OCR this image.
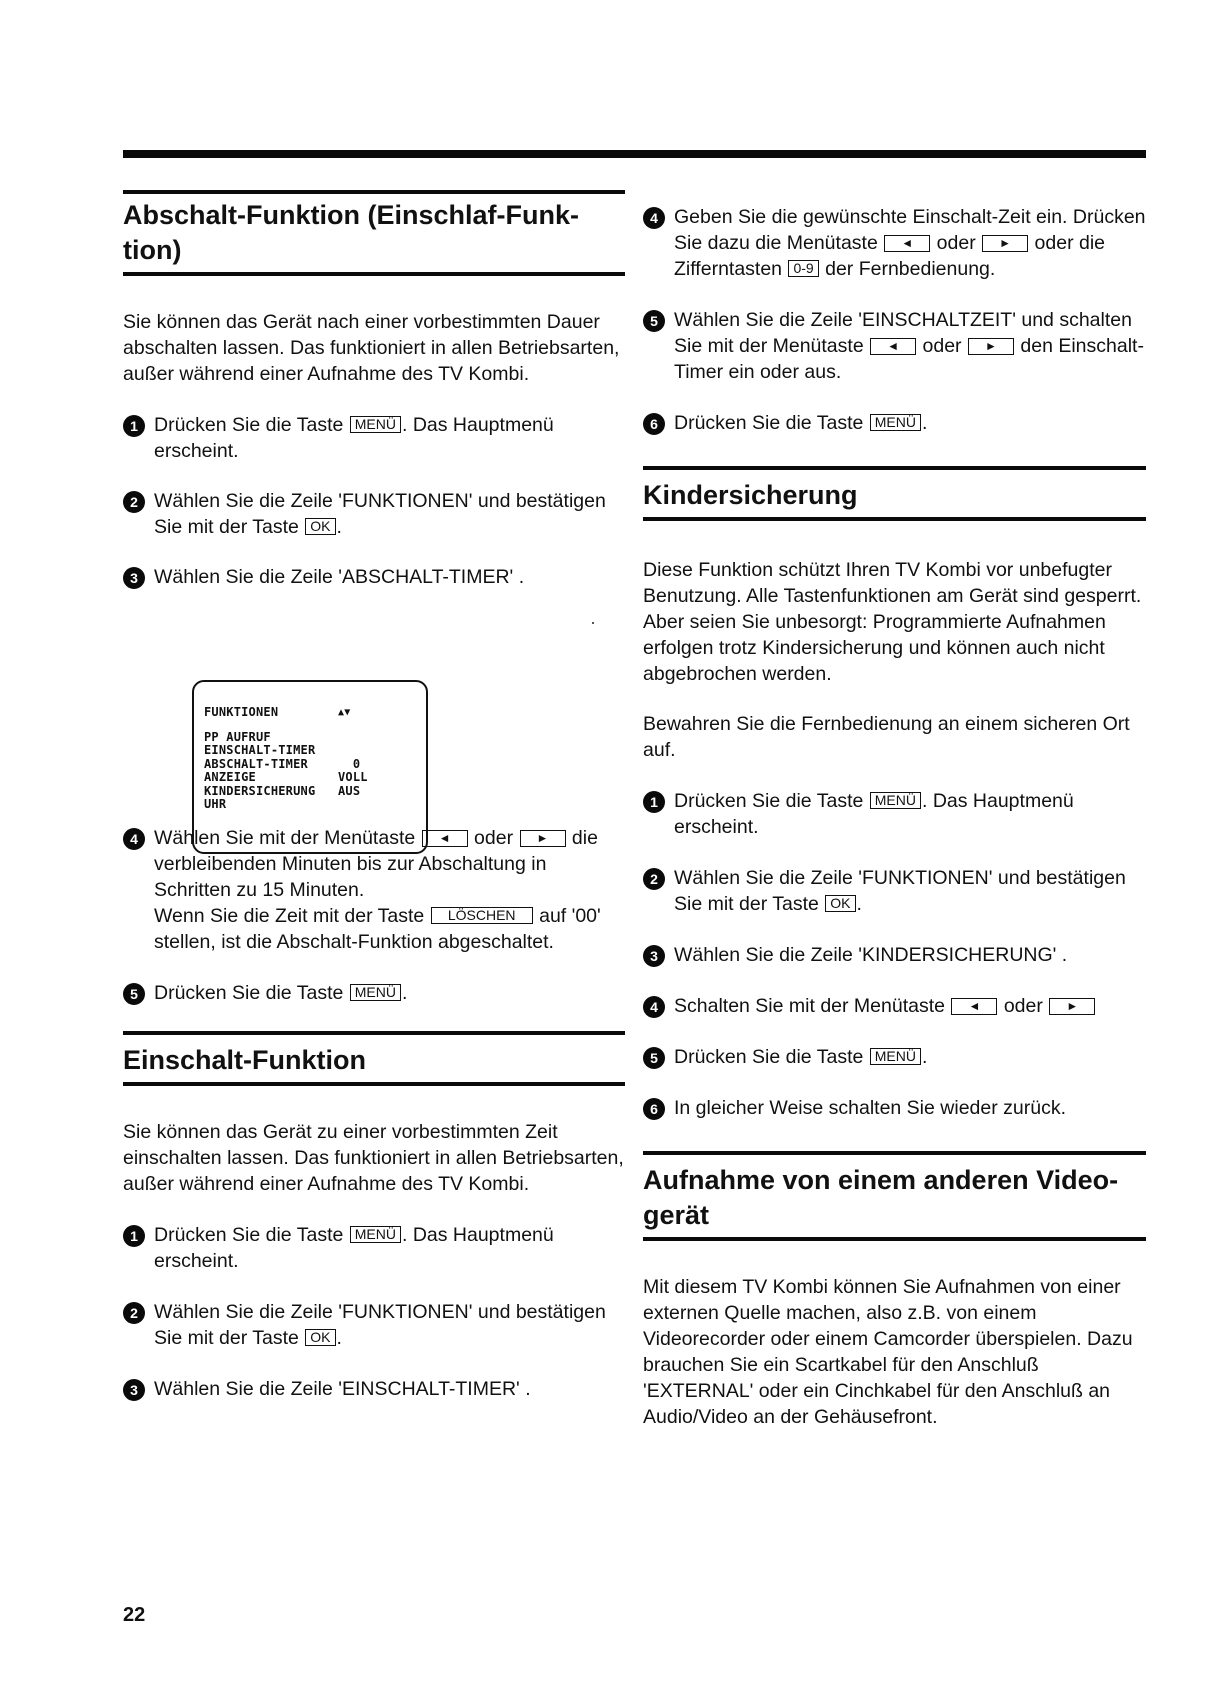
Abschalt-Funktion (Einschlaf-Funk-
tion)

Sie können das Gerät nach einer vorbestimmten Dauer abschalten lassen. Das funktioniert in allen Betriebsarten, außer während einer Aufnahme des TV Kombi.

1 Drücken Sie die Taste MENÜ . Das Hauptmenü erscheint.

2 Wählen Sie die Zeile 'FUNKTIONEN' und bestätigen Sie mit der Taste OK .

3 Wählen Sie die Zeile 'ABSCHALT-TIMER' .

FUNKTIONEN	▲▼
PP AUFRUF
EINSCHALT-TIMER
ABSCHALT-TIMER	0
ANZEIGE	VOLL
KINDERSICHERUNG	AUS
UHR

4 Wählen Sie mit der Menütaste ◄ oder ► die verbleibenden Minuten bis zur Abschaltung in Schritten zu 15 Minuten.
Wenn Sie die Zeit mit der Taste LÖSCHEN auf '00' stellen, ist die Abschalt-Funktion abgeschaltet.

5 Drücken Sie die Taste MENÜ .

Einschalt-Funktion

Sie können das Gerät zu einer vorbestimmten Zeit einschalten lassen. Das funktioniert in allen Betriebsarten, außer während einer Aufnahme des TV Kombi.

1 Drücken Sie die Taste MENÜ . Das Hauptmenü erscheint.

2 Wählen Sie die Zeile 'FUNKTIONEN' und bestätigen Sie mit der Taste OK .

3 Wählen Sie die Zeile 'EINSCHALT-TIMER' .

4 Geben Sie die gewünschte Einschalt-Zeit ein. Drücken Sie dazu die Menütaste ◄ oder ► oder die Zifferntasten 0-9 der Fernbedienung.

5 Wählen Sie die Zeile 'EINSCHALTZEIT' und schalten Sie mit der Menütaste ◄ oder ► den Einschalt-Timer ein oder aus.

6 Drücken Sie die Taste MENÜ .

Kindersicherung

Diese Funktion schützt Ihren TV Kombi vor unbefugter Benutzung. Alle Tastenfunktionen am Gerät sind gesperrt. Aber seien Sie unbesorgt: Programmierte Aufnahmen erfolgen trotz Kindersicherung und können auch nicht abgebrochen werden.

Bewahren Sie die Fernbedienung an einem sicheren Ort auf.

1 Drücken Sie die Taste MENÜ . Das Hauptmenü erscheint.

2 Wählen Sie die Zeile 'FUNKTIONEN' und bestätigen Sie mit der Taste OK .

3 Wählen Sie die Zeile 'KINDERSICHERUNG' .

4 Schalten Sie mit der Menütaste ◄ oder ►

5 Drücken Sie die Taste MENÜ .

6 In gleicher Weise schalten Sie wieder zurück.

Aufnahme von einem anderen Video-
gerät

Mit diesem TV Kombi können Sie Aufnahmen von einer externen Quelle machen, also z.B. von einem Videorecorder oder einem Camcorder überspielen. Dazu brauchen Sie ein Scartkabel für den Anschluß 'EXTERNAL' oder ein Cinchkabel für den Anschluß an Audio/Video an der Gehäusefront.

22
